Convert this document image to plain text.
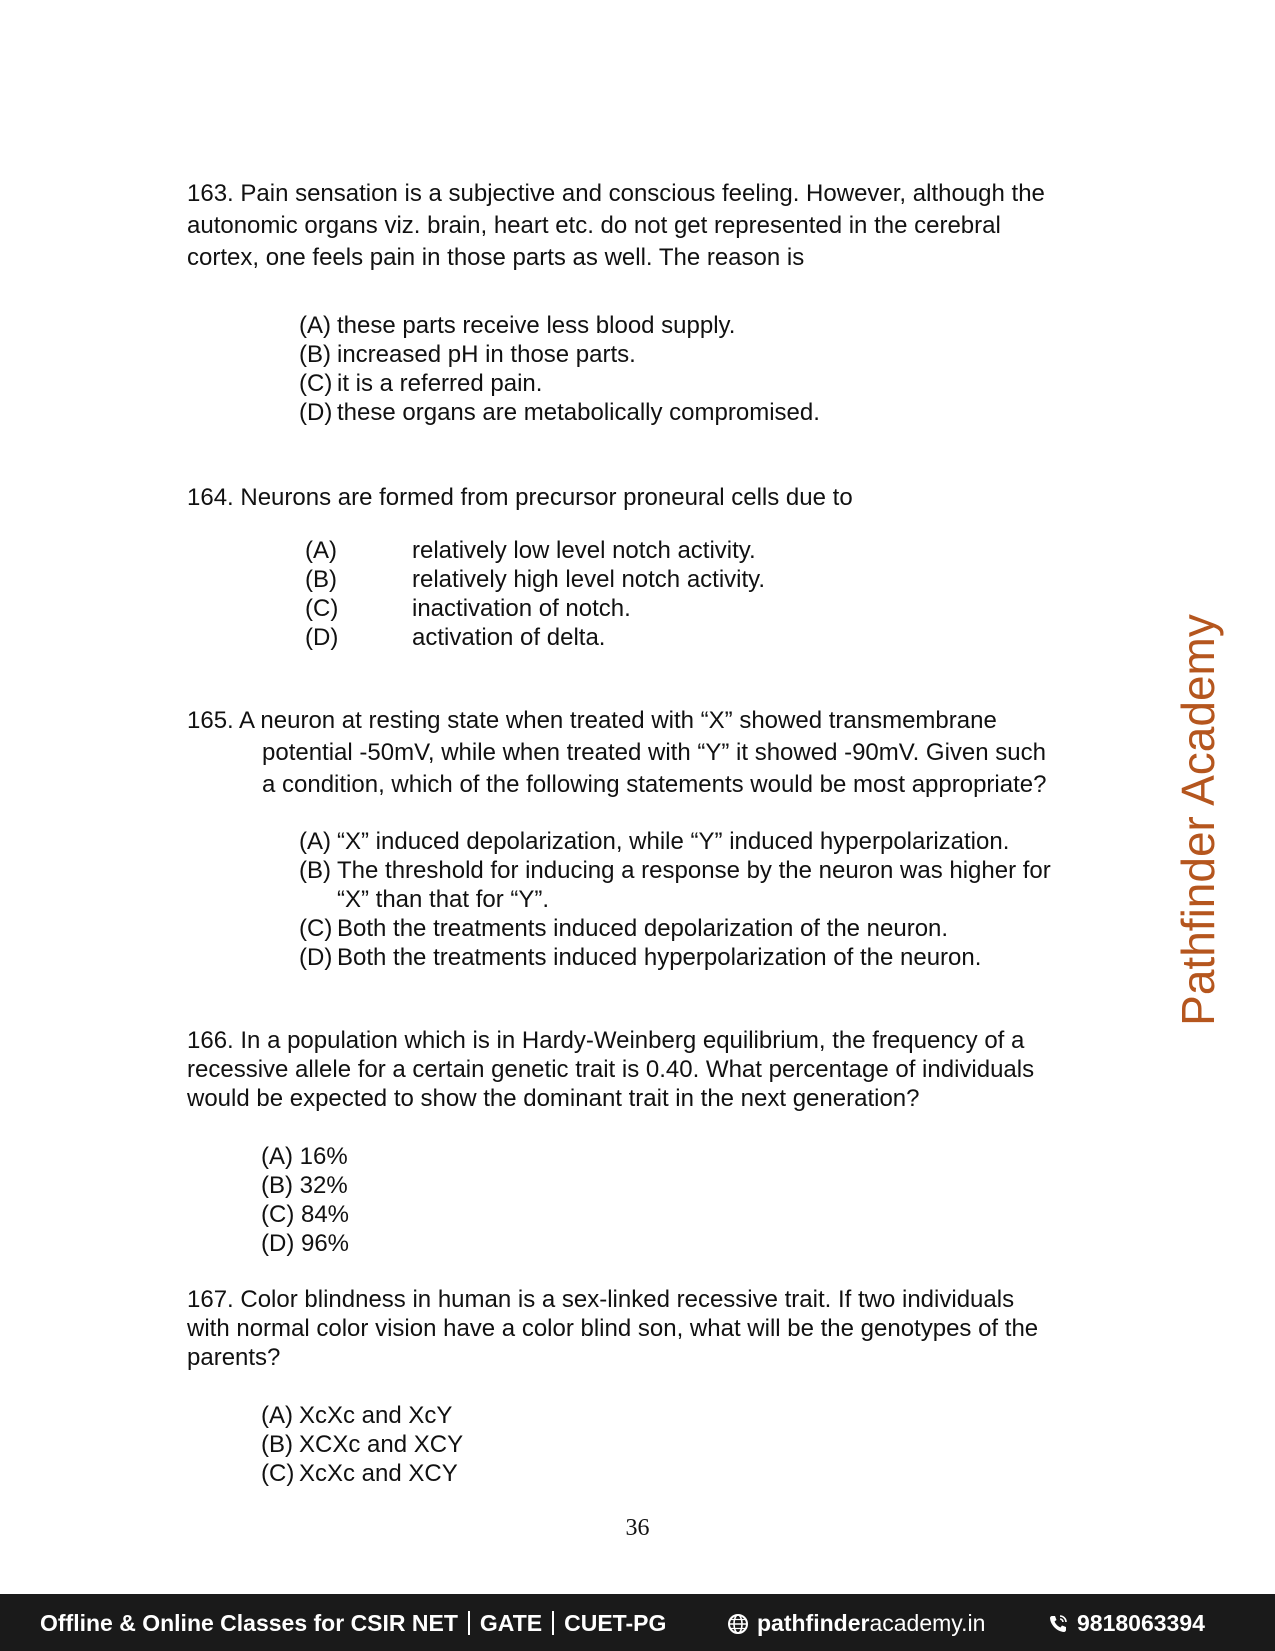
163. Pain sensation is a subjective and conscious feeling. However, although the
autonomic organs viz. brain, heart etc. do not get represented in the cerebral
cortex, one feels pain in those parts as well. The reason is
(A) these parts receive less blood supply.
(B) increased pH in those parts.
(C) it is a referred pain.
(D) these organs are metabolically compromised.
164. Neurons are formed from precursor proneural cells due to
(A)	relatively low level notch activity.
(B)	relatively high level notch activity.
(C)	inactivation of notch.
(D)	activation of delta.
165. A neuron at resting state when treated with “X” showed transmembrane
potential -50mV, while when treated with “Y” it showed -90mV. Given such
a condition, which of the following statements would be most appropriate?
(A) “X” induced depolarization, while “Y” induced hyperpolarization.
(B) The threshold for inducing a response by the neuron was higher for
“X” than that for “Y”.
(C) Both the treatments induced depolarization of the neuron.
(D) Both the treatments induced hyperpolarization of the neuron.
166. In a population which is in Hardy-Weinberg equilibrium, the frequency of a
recessive allele for a certain genetic trait is 0.40. What percentage of individuals
would be expected to show the dominant trait in the next generation?
(A) 16%
(B) 32%
(C) 84%
(D) 96%
167. Color blindness in human is a sex-linked recessive trait. If two individuals
with normal color vision have a color blind son, what will be the genotypes of the
parents?
(A) XcXc and XcY
(B) XCXc and XCY
(C) XcXc and XCY
Pathfinder Academy
36
Offline & Online Classes for CSIR NET GATE CUET-PG	pathfinderacademy.in	9818063394
